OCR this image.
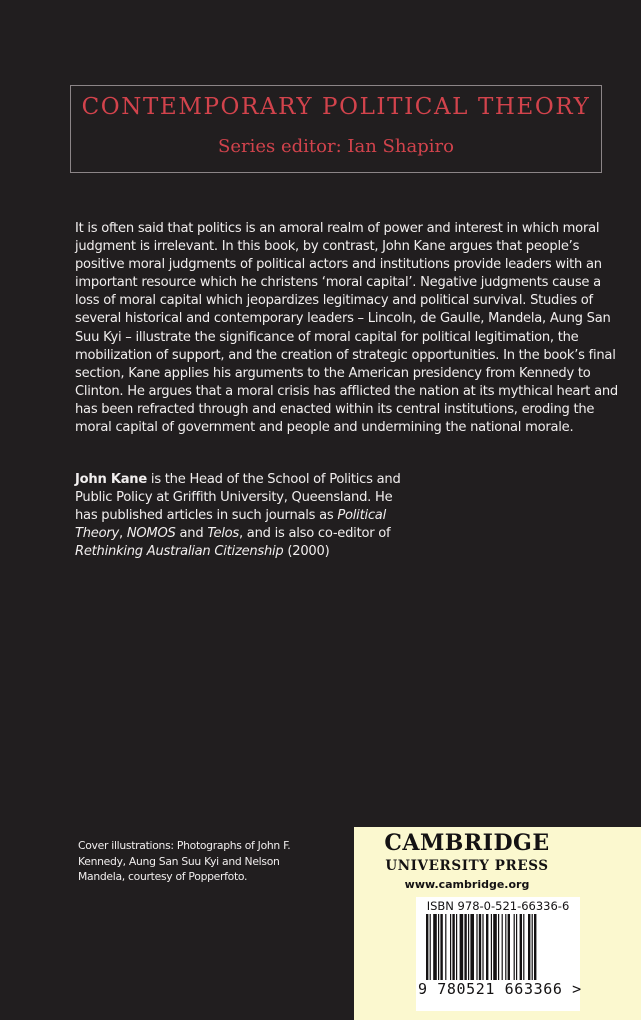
CONTEMPORARY POLITICAL THEORY
Series editor: Ian Shapiro

It is often said that politics is an amoral realm of power and interest in which moral judgment is irrelevant. In this book, by contrast, John Kane argues that people’s positive moral judgments of political actors and institutions provide leaders with an important resource which he christens ‘moral capital’. Negative judgments cause a loss of moral capital which jeopardizes legitimacy and political survival. Studies of several historical and contemporary leaders – Lincoln, de Gaulle, Mandela, Aung San Suu Kyi – illustrate the significance of moral capital for political legitimation, the mobilization of support, and the creation of strategic opportunities. In the book’s final section, Kane applies his arguments to the American presidency from Kennedy to Clinton. He argues that a moral crisis has afflicted the nation at its mythical heart and has been refracted through and enacted within its central institutions, eroding the moral capital of government and people and undermining the national morale.

John Kane is the Head of the School of Politics and Public Policy at Griffith University, Queensland. He has published articles in such journals as Political Theory, NOMOS and Telos, and is also co-editor of Rethinking Australian Citizenship (2000)

Cover illustrations: Photographs of John F. Kennedy, Aung San Suu Kyi and Nelson Mandela, courtesy of Popperfoto.

CAMBRIDGE
UNIVERSITY PRESS
www.cambridge.org
ISBN 978-0-521-66336-6
9 780521 663366 >
